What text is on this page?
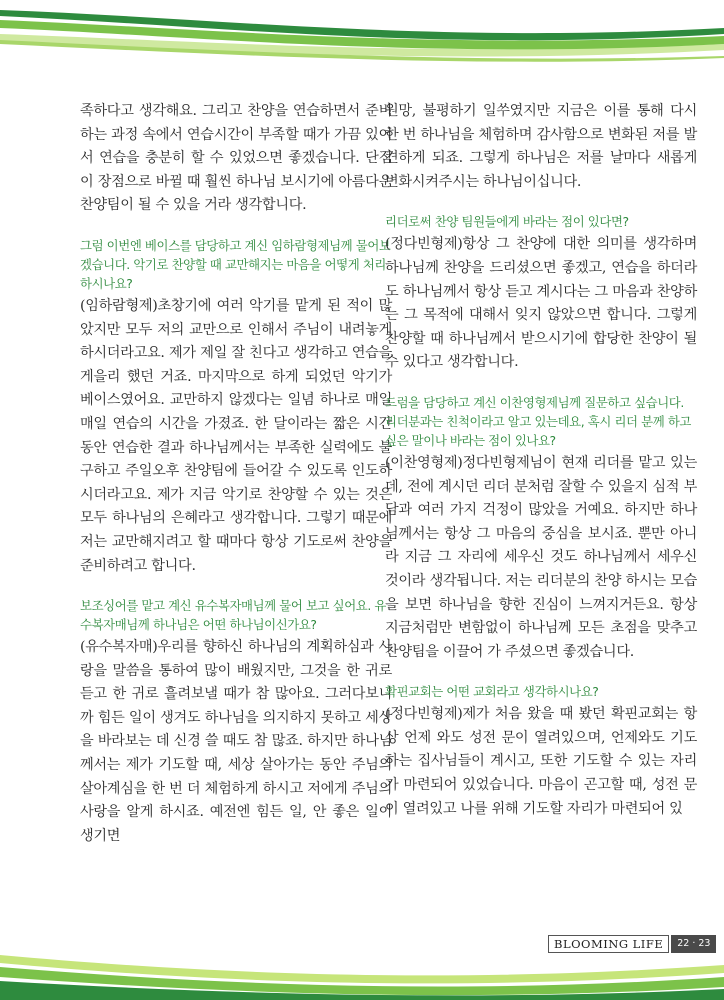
족하다고 생각해요. 그리고 찬양을 연습하면서 준비하는 과정 속에서 연습시간이 부족할 때가 가끔 있어서 연습을 충분히 할 수 있었으면 좋겠습니다. 단점이 장점으로 바뀔 때 훨씬 하나님 보시기에 아름다운 찬양팀이 될 수 있을 거라 생각합니다.

그럼 이번엔 베이스를 담당하고 계신 임하람형제님께 물어보겠습니다. 악기로 찬양할 때 교만해지는 마음을 어떻게 처리하시나요?

(임하람형제)초창기에 여러 악기를 맡게 된 적이 많았지만 모두 저의 교만으로 인해서 주님이 내려놓게 하시더라고요. 제가 제일 잘 친다고 생각하고 연습을 게을리 했던 거죠. 마지막으로 하게 되었던 악기가 베이스였어요. 교만하지 않겠다는 일념 하나로 매일매일 연습의 시간을 가졌죠. 한 달이라는 짧은 시간동안 연습한 결과 하나님께서는 부족한 실력에도 불구하고 주일오후 찬양팀에 들어갈 수 있도록 인도하시더라고요. 제가 지금 악기로 찬양할 수 있는 것은 모두 하나님의 은혜라고 생각합니다. 그렇기 때문에 저는 교만해지려고 할 때마다 항상 기도로써 찬양을 준비하려고 합니다.

보조싱어를 맡고 계신 유수복자매님께 물어 보고 싶어요. 유수복자매님께 하나님은 어떤 하나님이신가요?

(유수복자매)우리를 향하신 하나님의 계획하심과 사랑을 말씀을 통하여 많이 배웠지만, 그것을 한 귀로 듣고 한 귀로 흘려보낼 때가 참 많아요. 그러다보니까 힘든 일이 생겨도 하나님을 의지하지 못하고 세상을 바라보는 데 신경 쓸 때도 참 많죠. 하지만 하나님께서는 제가 기도할 때, 세상 살아가는 동안 주님의 살아계심을 한 번 더 체험하게 하시고 저에게 주님의 사랑을 알게 하시죠. 예전엔 힘든 일, 안 좋은 일이 생기면

원망, 불평하기 일쑤였지만 지금은 이를 통해 다시 한 번 하나님을 체험하며 감사함으로 변화된 저를 발견하게 되죠. 그렇게 하나님은 저를 날마다 새롭게 변화시켜주시는 하나님이십니다.

리더로써 찬양 팀원들에게 바라는 점이 있다면?

(정다빈형제)항상 그 찬양에 대한 의미를 생각하며 하나님께 찬양을 드리셨으면 좋겠고, 연습을 하더라도 하나님께서 항상 듣고 계시다는 그 마음과 찬양하는 그 목적에 대해서 잊지 않았으면 합니다. 그렇게 찬양할 때 하나님께서 받으시기에 합당한 찬양이 될 수 있다고 생각합니다.

드럼을 담당하고 계신 이찬영형제님께 질문하고 싶습니다. 리더분과는 친척이라고 알고 있는데요, 혹시 리더 분께 하고 싶은 말이나 바라는 점이 있나요?

(이찬영형제)정다빈형제님이 현재 리더를 맡고 있는데, 전에 계시던 리더 분처럼 잘할 수 있을지 심적 부담과 여러 가지 걱정이 많았을 거예요. 하지만 하나님께서는 항상 그 마음의 중심을 보시죠. 뿐만 아니라 지금 그 자리에 세우신 것도 하나님께서 세우신 것이라 생각됩니다. 저는 리더분의 찬양 하시는 모습을 보면 하나님을 향한 진심이 느껴지거든요. 항상 지금처럼만 변함없이 하나님께 모든 초점을 맞추고 찬양팀을 이끌어 가 주셨으면 좋겠습니다.

확핀교회는 어떤 교회라고 생각하시나요?

(정다빈형제)제가 처음 왔을 때 봤던 확핀교회는 항상 언제 와도 성전 문이 열려있으며, 언제와도 기도하는 집사님들이 계시고, 또한 기도할 수 있는 자리가 마련되어 있었습니다. 마음이 곤고할 때, 성전 문이 열려있고 나를 위해 기도할 자리가 마련되어 있

BLOOMING LIFE	22 · 23
